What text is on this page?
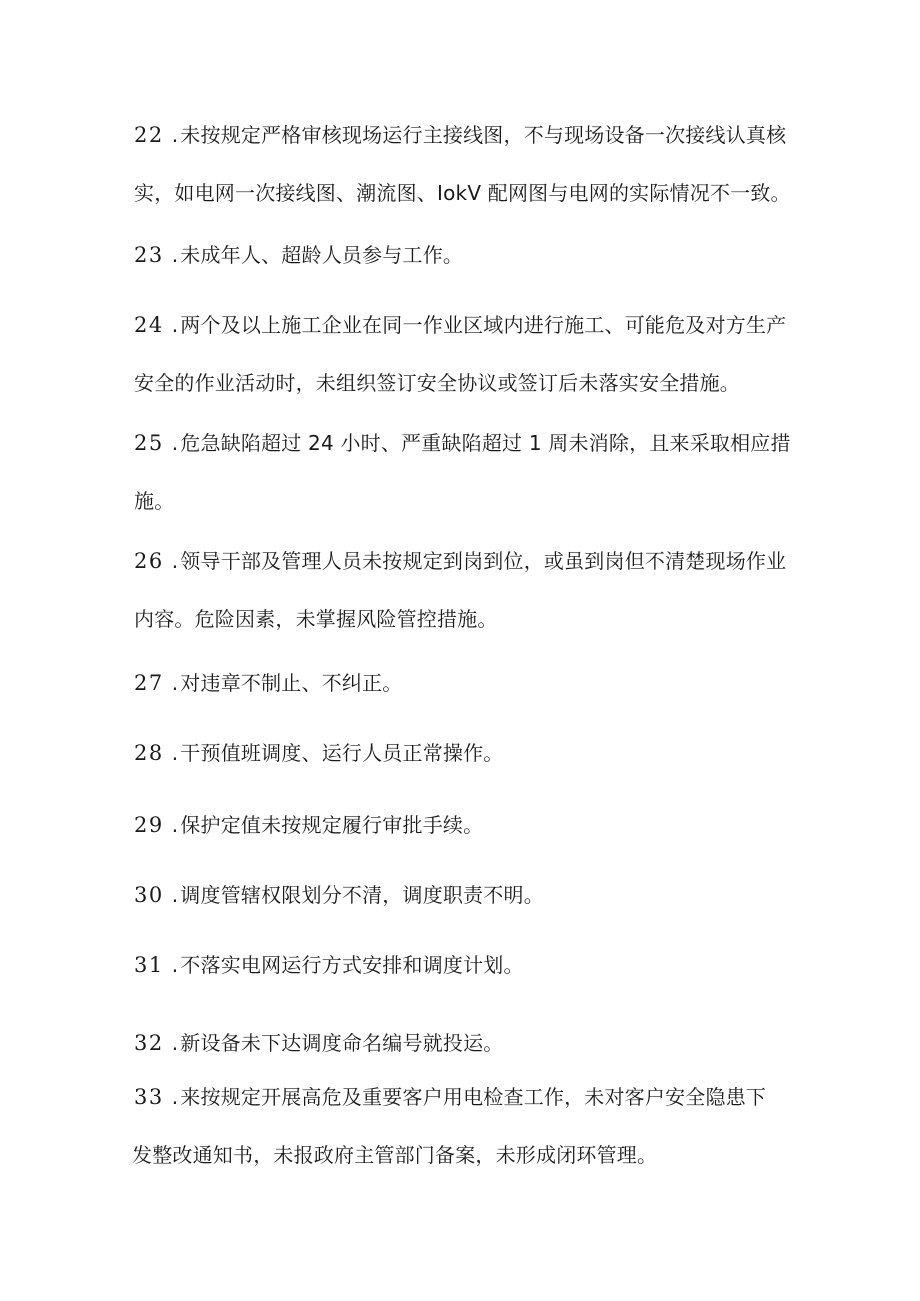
22 . 未按规定严格审核现场运行主接线图，不与现场设备一次接线认真核
实，如电网一次接线图、潮流图、IokV 配网图与电网的实际情况不一致。
23 . 未成年人、超龄人员参与工作。
24 . 两个及以上施工企业在同一作业区域内进行施工、可能危及对方生产
安全的作业活动时，未组织签订安全协议或签订后未落实安全措施。
25 . 危急缺陷超过 24 小时、严重缺陷超过 1 周未消除，且来采取相应措
施。
26 . 领导干部及管理人员未按规定到岗到位，或虽到岗但不清楚现场作业
内容。危险因素，未掌握风险管控措施。
27 . 对违章不制止、不纠正。
28 . 干预值班调度、运行人员正常操作。
29 . 保护定值未按规定履行审批手续。
30 . 调度管辖权限划分不清，调度职责不明。
31 . 不落实电网运行方式安排和调度计划。
32 . 新设备未下达调度命名编号就投运。
33 . 来按规定开展高危及重要客户用电检查工作，未对客户安全隐患下
发整改通知书，未报政府主管部门备案，未形成闭环管理。
